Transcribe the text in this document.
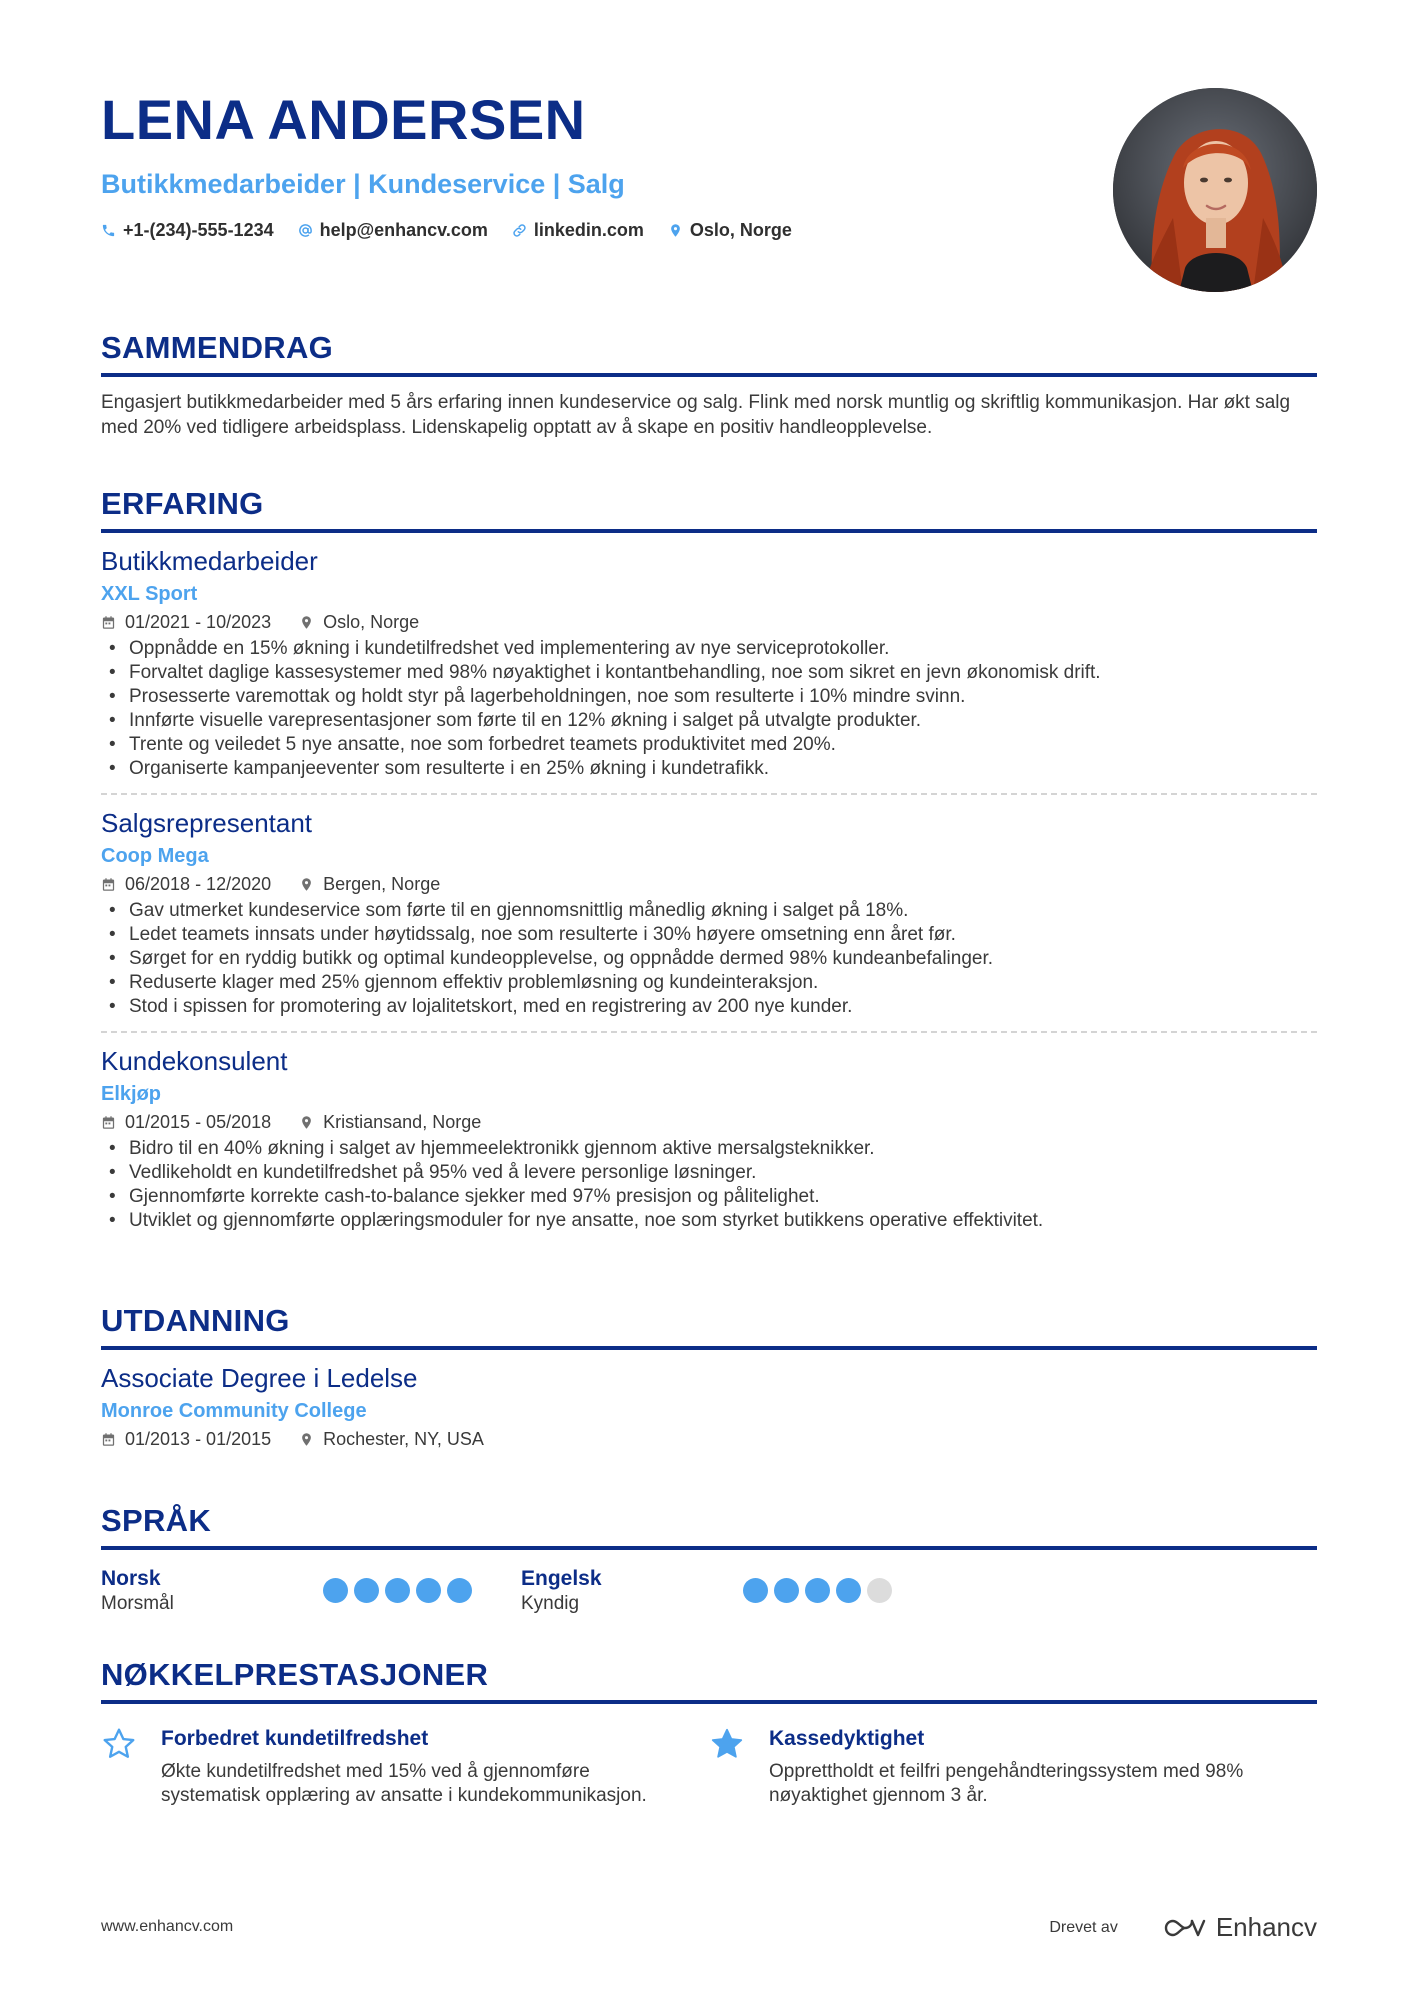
LENA ANDERSEN
Butikkmedarbeider | Kundeservice | Salg
+1-(234)-555-1234	help@enhancv.com	linkedin.com	Oslo, Norge
SAMMENDRAG
Engasjert butikkmedarbeider med 5 års erfaring innen kundeservice og salg. Flink med norsk muntlig og skriftlig kommunikasjon. Har økt salg med 20% ved tidligere arbeidsplass. Lidenskapelig opptatt av å skape en positiv handleopplevelse.
ERFARING
Butikkmedarbeider
XXL Sport
01/2021 - 10/2023	Oslo, Norge
• Oppnådde en 15% økning i kundetilfredshet ved implementering av nye serviceprotokoller.
• Forvaltet daglige kassesystemer med 98% nøyaktighet i kontantbehandling, noe som sikret en jevn økonomisk drift.
• Prosesserte varemottak og holdt styr på lagerbeholdningen, noe som resulterte i 10% mindre svinn.
• Innførte visuelle varepresentasjoner som førte til en 12% økning i salget på utvalgte produkter.
• Trente og veiledet 5 nye ansatte, noe som forbedret teamets produktivitet med 20%.
• Organiserte kampanjeeventer som resulterte i en 25% økning i kundetrafikk.
Salgsrepresentant
Coop Mega
06/2018 - 12/2020	Bergen, Norge
• Gav utmerket kundeservice som førte til en gjennomsnittlig månedlig økning i salget på 18%.
• Ledet teamets innsats under høytidssalg, noe som resulterte i 30% høyere omsetning enn året før.
• Sørget for en ryddig butikk og optimal kundeopplevelse, og oppnådde dermed 98% kundeanbefalinger.
• Reduserte klager med 25% gjennom effektiv problemløsning og kundeinteraksjon.
• Stod i spissen for promotering av lojalitetskort, med en registrering av 200 nye kunder.
Kundekonsulent
Elkjøp
01/2015 - 05/2018	Kristiansand, Norge
• Bidro til en 40% økning i salget av hjemmeelektronikk gjennom aktive mersalgsteknikker.
• Vedlikeholdt en kundetilfredshet på 95% ved å levere personlige løsninger.
• Gjennomførte korrekte cash-to-balance sjekker med 97% presisjon og pålitelighet.
• Utviklet og gjennomførte opplæringsmoduler for nye ansatte, noe som styrket butikkens operative effektivitet.
UTDANNING
Associate Degree i Ledelse
Monroe Community College
01/2013 - 01/2015	Rochester, NY, USA
SPRÅK
Norsk
Morsmål
Engelsk
Kyndig
NØKKELPRESTASJONER
Forbedret kundetilfredshet
Økte kundetilfredshet med 15% ved å gjennomføre systematisk opplæring av ansatte i kundekommunikasjon.
Kassedyktighet
Opprettholdt et feilfri pengehåndteringssystem med 98% nøyaktighet gjennom 3 år.
www.enhancv.com	Drevet av	Enhancv
